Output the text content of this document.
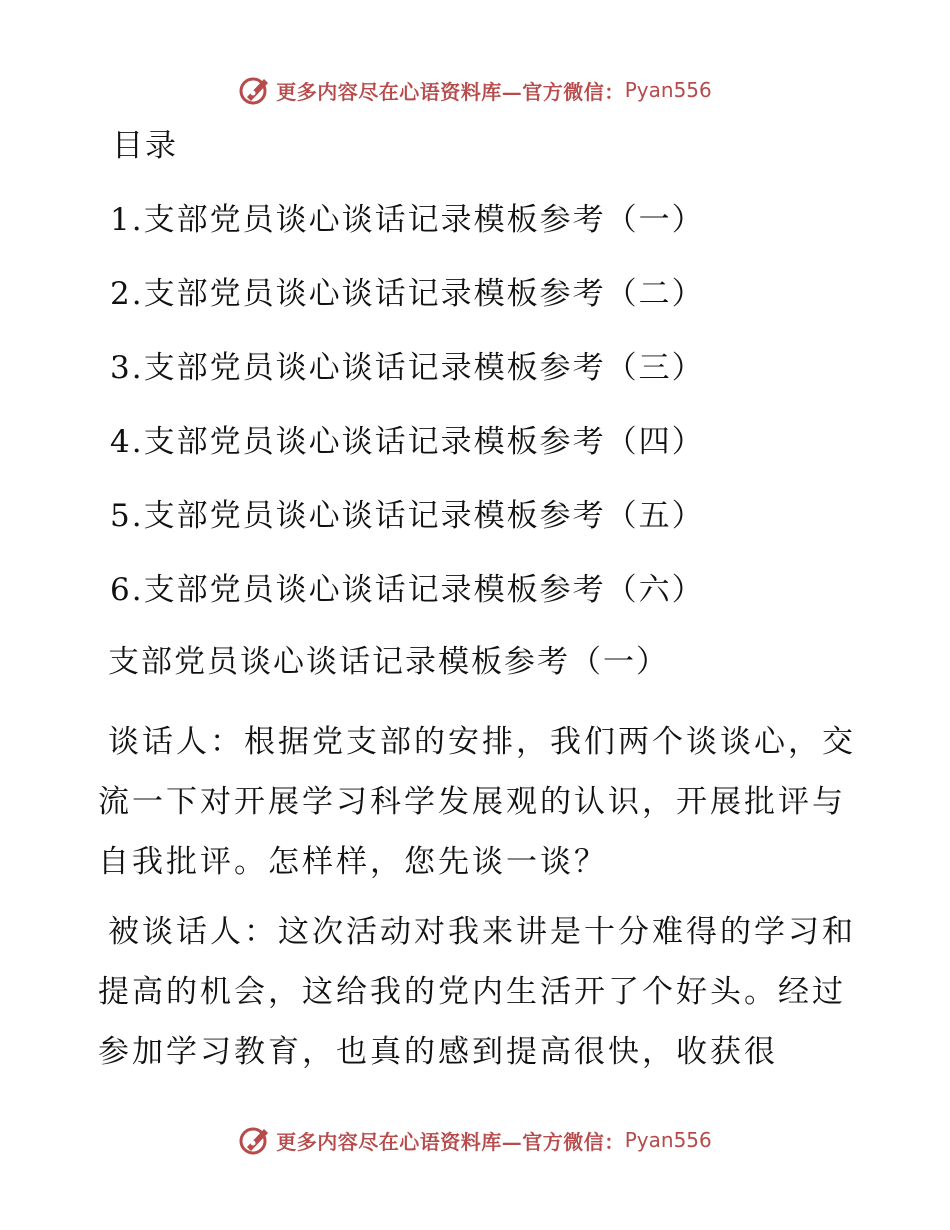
更多内容尽在心语资料库—官方微信： Pyan556
目录
1.支部党员谈心谈话记录模板参考（一）
2.支部党员谈心谈话记录模板参考（二）
3.支部党员谈心谈话记录模板参考（三）
4.支部党员谈心谈话记录模板参考（四）
5.支部党员谈心谈话记录模板参考（五）
6.支部党员谈心谈话记录模板参考（六）
支部党员谈心谈话记录模板参考（一）

谈话人：根据党支部的安排，我们两个谈谈心，交流一下对开展学习科学发展观的认识，开展批评与自我批评。怎样样，您先谈一谈？

被谈话人：这次活动对我来讲是十分难得的学习和提高的机会，这给我的党内生活开了个好头。经过参加学习教育，也真的感到提高很快，收获很

更多内容尽在心语资料库—官方微信： Pyan556
